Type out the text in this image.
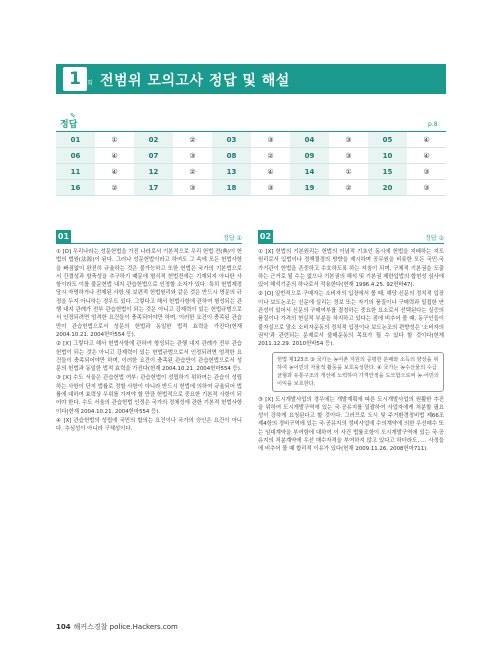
1	회 전범위 모의고사 정답 및 해설
✎
정답	p.8
01	①	02	②	03	③	04	③	05	④
06	④	07	③	08	②	09	③	10	④
11	④	12	②	13	④	14	①	15	③
16	②	17	③	18	③	19	②	20	③
01	정답 ①

① [O] 우리나라는 성문헌법을 가진 나라로서 기본적으로 우리 헌법 전(典)이 헌법의 법원(法源)이 된다. 그러나 성문헌법이라고 하여도 그 속에 모든 헌법사항을 빠짐없이 완전히 규율하는 것은 불가능하고 또한 헌법은 국가의 기본법으로서 간결성과 함축성을 추구하기 때문에 형식적 헌법전에는 기재되지 아니한 사항이라도 이를 불문헌법 내지 관습헌법으로 인정할 소지가 있다. 특히 헌법제정 당시 자명하거나 전제된 사항 및 보편적 헌법원리와 같은 것은 반드시 명문의 규정을 두지 아니하는 경우도 있다. 그렇다고 해서 헌법사항에 관하여 형성되는 관행 내지 관례가 전부 관습헌법이 되는 것은 아니고 강제력이 있는 헌법규범으로서 인정되려면 엄격한 요건들이 충족되어야만 하며, 이러한 요건이 충족된 관습만이 관습헌법으로서 성문의 헌법과 동일한 법적 효력을 가진다(헌재 2004.10.21. 2004헌마554 등).

② [X] 그렇다고 해서 헌법사항에 관하여 형성되는 관행 내지 관례가 전부 관습헌법이 되는 것은 아니고 강제력이 있는 헌법규범으로서 인정되려면 엄격한 요건들이 충족되어야만 하며, 이러한 요건이 충족된 관습만이 관습헌법으로서 성문의 헌법과 동일한 법적 효력을 가진다(헌재 2004.10.21. 2004헌마554 등).

③ [X] 수도 서울은 관습헌법 여부: 관습헌법이 성립하기 위하여는 관습이 성립하는 사항이 단지 법률로 정할 사항이 아니라 반드시 헌법에 의하여 규율되어 법률에 대하여 효력상 우위를 가져야 할 만큼 헌법적으로 중요한 기본적 사항이 되어야 한다. 수도 서울의 관습헌법 인정은 국가의 정체성에 관한 기본적 헌법사항이다(헌재 2004.10.21. 2004헌마554 등).

④ [X] 관습헌법의 성립에 국민의 합의는 요건이나 국가의 승인은 요건이 아니다. 추심성이 아니라 구체성이다.

02	정답 ②

① [X] 헌법의 기본원리는 헌법의 이념적 기초인 동시에 헌법을 지배하는 지도원리로서 입법이나 정책결정의 방향을 제시하며 공무원을 비롯한 모든 국민·국가기관이 헌법을 존중하고 수호하도록 하는 지침이 되며, 구체적 기본권을 도출하는 근거로 될 수는 없으나 기본권의 해석 및 기본권 제한입법의 합헌성 심사에 있어 해석기준의 하나로서 작용한다(헌재 1996.4.25. 92헌바47).

② [O] 일반적으로 구매자는 소비자의 입장에서 볼 때, 해당 신문의 정치적 입장이나 보도논조는 신문에 실리는 정보 또는 자기의 품질이나 구매력과 밀접한 연관성이 있어서 신문의 구매여부를 결정하는 중요한 요소로서 선택된다는 실증의 품질이나 가격의 현실적 부분을 차지하고 있다는 점에 비추어 볼 때, 동구인들이 불자실으로 말소 소비자운동의 정치적 입장이나 보도논조의 편향성은 '소비자의 권익'과 관련되는 문제로서 불매운동의 목표가 될 수 있다 할 것이다(헌재 2011.12.29. 2010헌바54 등).

헌법 제123조 ③ 국가는 농어촌 자원의 공평한 분배와 소득의 향상을 위하여 농어민의 자율적 활동을 보호육성한다. ④ 국가는 농수산물의 수급균형과 유통구조의 개선에 노력하여 가격안정을 도모함으로써 농·어민의 이익을 보호한다.

③ [X] 도시개발사업의 경우에는 개발계획에 따른 도시개발사업의 원활한 추진을 위하여 도시개발구역에 있는 국·공유지를 일괄하여 사업자에게 처분할 필요성이 강하게 요청된다고 할 것이다. 그러므로 도시 및 주거환경정비법 제66조 제4항의 정비구역에 있는 국·공유지의 정비사업에 수의계약에 의한 우선매수 또는 임대계약을 부여함에 대하여 이 사건 법률조항이 도시개발구역에 있는 국·공유지의 처분계약에 우선 매수자격을 부여하지 않고 있다고 하더라도, … 사정들에 비추어 볼 때 합리적 이유가 있다(헌재 2009.11.26. 2008헌마711).

104 해커스경찰 police.Hackers.com
